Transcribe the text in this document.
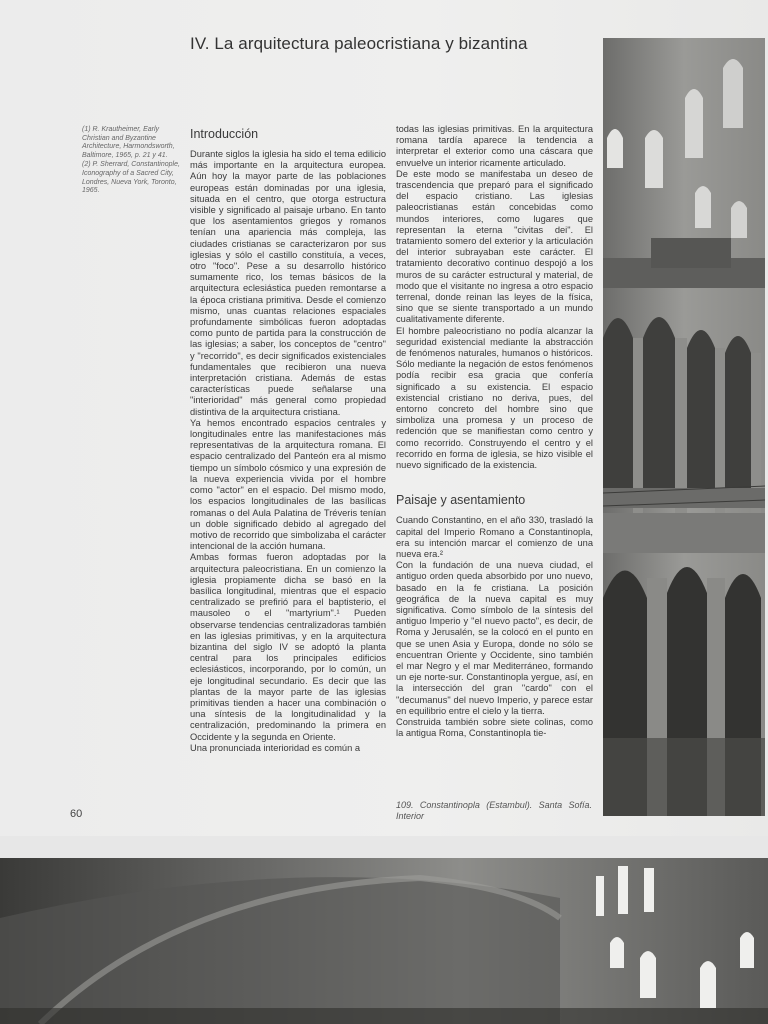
IV. La arquitectura paleocristiana y bizantina

(1) R. Krautheimer, Early Christian and Byzantine Architecture, Harmondsworth, Baltimore, 1965, p. 21 y 41.

(2) P. Sherrard, Constantinople, Iconography of a Sacred City, Londres, Nueva York, Toronto, 1965.

Introducción

Durante siglos la iglesia ha sido el tema edilicio más importante en la arquitectura europea. Aún hoy la mayor parte de las poblaciones europeas están dominadas por una iglesia, situada en el centro, que otorga estructura visible y significado al paisaje urbano. En tanto que los asentamientos griegos y romanos tenían una apariencia más compleja, las ciudades cristianas se caracterizaron por sus iglesias y sólo el castillo constituía, a veces, otro "foco". Pese a su desarrollo histórico sumamente rico, los temas básicos de la arquitectura eclesiástica pueden remontarse a la época cristiana primitiva. Desde el comienzo mismo, unas cuantas relaciones espaciales profundamente simbólicas fueron adoptadas como punto de partida para la construcción de las iglesias; a saber, los conceptos de "centro" y "recorrido", es decir significados existenciales fundamentales que recibieron una nueva interpretación cristiana. Además de estas características puede señalarse una "interioridad" más general como propiedad distintiva de la arquitectura cristiana.

Ya hemos encontrado espacios centrales y longitudinales entre las manifestaciones más representativas de la arquitectura romana. El espacio centralizado del Panteón era al mismo tiempo un símbolo cósmico y una expresión de la nueva experiencia vivida por el hombre como "actor" en el espacio. Del mismo modo, los espacios longitudinales de las basílicas romanas o del Aula Palatina de Tréveris tenían un doble significado debido al agregado del motivo de recorrido que simbolizaba el carácter intencional de la acción humana.

Ambas formas fueron adoptadas por la arquitectura paleocristiana. En un comienzo la iglesia propiamente dicha se basó en la basílica longitudinal, mientras que el espacio centralizado se prefirió para el baptisterio, el mausoleo o el "martyrium".¹ Pueden observarse tendencias centralizadoras también en las iglesias primitivas, y en la arquitectura bizantina del siglo IV se adoptó la planta central para los principales edificios eclesiásticos, incorporando, por lo común, un eje longitudinal secundario. Es decir que las plantas de la mayor parte de las iglesias primitivas tienden a hacer una combinación o una síntesis de la longitudinalidad y la centralización, predominando la primera en Occidente y la segunda en Oriente.

Una pronunciada interioridad es común a

todas las iglesias primitivas. En la arquitectura romana tardía aparece la tendencia a interpretar el exterior como una cáscara que envuelve un interior ricamente articulado.

De este modo se manifestaba un deseo de trascendencia que preparó para el significado del espacio cristiano. Las iglesias paleocristianas están concebidas como mundos interiores, como lugares que representan la eterna "civitas dei". El tratamiento somero del exterior y la articulación del interior subrayaban este carácter. El tratamiento decorativo continuo despojó a los muros de su carácter estructural y material, de modo que el visitante no ingresa a otro espacio terrenal, donde reinan las leyes de la física, sino que se siente transportado a un mundo cualitativamente diferente.

El hombre paleocristiano no podía alcanzar la seguridad existencial mediante la abstracción de fenómenos naturales, humanos o históricos. Sólo mediante la negación de estos fenómenos podía recibir esa gracia que confería significado a su existencia. El espacio existencial cristiano no deriva, pues, del entorno concreto del hombre sino que simboliza una promesa y un proceso de redención que se manifiestan como centro y como recorrido. Construyendo el centro y el recorrido en forma de iglesia, se hizo visible el nuevo significado de la existencia.

Paisaje y asentamiento

Cuando Constantino, en el año 330, trasladó la capital del Imperio Romano a Constantinopla, era su intención marcar el comienzo de una nueva era.²

Con la fundación de una nueva ciudad, el antiguo orden queda absorbido por uno nuevo, basado en la fe cristiana. La posición geográfica de la nueva capital es muy significativa. Como símbolo de la síntesis del antiguo Imperio y "el nuevo pacto", es decir, de Roma y Jerusalén, se la colocó en el punto en que se unen Asia y Europa, donde no sólo se encuentran Oriente y Occidente, sino también el mar Negro y el mar Mediterráneo, formando un eje norte-sur. Constantinopla yergue, así, en la intersección del gran "cardo" con el "decumanus" del nuevo Imperio, y parece estar en equilibrio entre el cielo y la tierra.

Construida también sobre siete colinas, como la antigua Roma, Constantinopla tie-

60
109. Constantinopla (Estambul). Santa Sofía. Interior
